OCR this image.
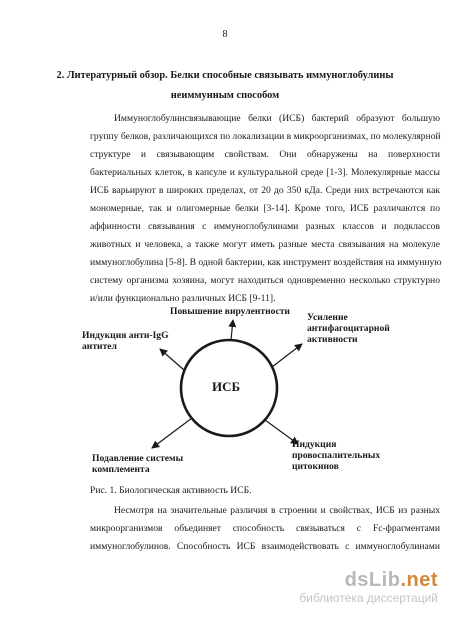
8
2. Литературный обзор. Белки способные связывать иммуноглобулины
неиммунным способом
Иммуноглобулинсвязывающие белки (ИСБ) бактерий образуют большую
группу белков, различающихся по локализации в микроорганизмах, по молекулярной
структуре и связывающим свойствам. Они обнаружены на поверхности
бактериальных клеток, в капсуле и культуральной среде [1-3]. Молекулярные массы
ИСБ варьируют в широких пределах, от 20 до 350 кДа. Среди них встречаются как
мономерные, так и олигомерные белки [3-14]. Кроме того, ИСБ различаются по
аффинности связывания с иммуноглобулинами разных классов и подклассов
животных и человека, а также могут иметь разные места связывания на молекуле
иммуноглобулина [5-8]. В одной бактерии, как инструмент воздействия на иммунную
систему организма хозяина, могут находиться одновременно несколько структурно
и/или функционально различных ИСБ [9-11].
ИСБ
Повышение вирулентности
Индукция анти-IgG
антител
Усиление
антифагоцитарной
активности
Подавление системы
комплемента
Индукция
провоспалительных
цитокинов
Рис. 1. Биологическая активность ИСБ.
Несмотря на значительные различия в строении и свойствах, ИСБ из разных
микроорганизмов объединяет способность связываться с Fc-фрагментами
иммуноглобулинов. Способность ИСБ взаимодействовать с иммуноглобулинами
dsLib.net
библиотека диссертаций
